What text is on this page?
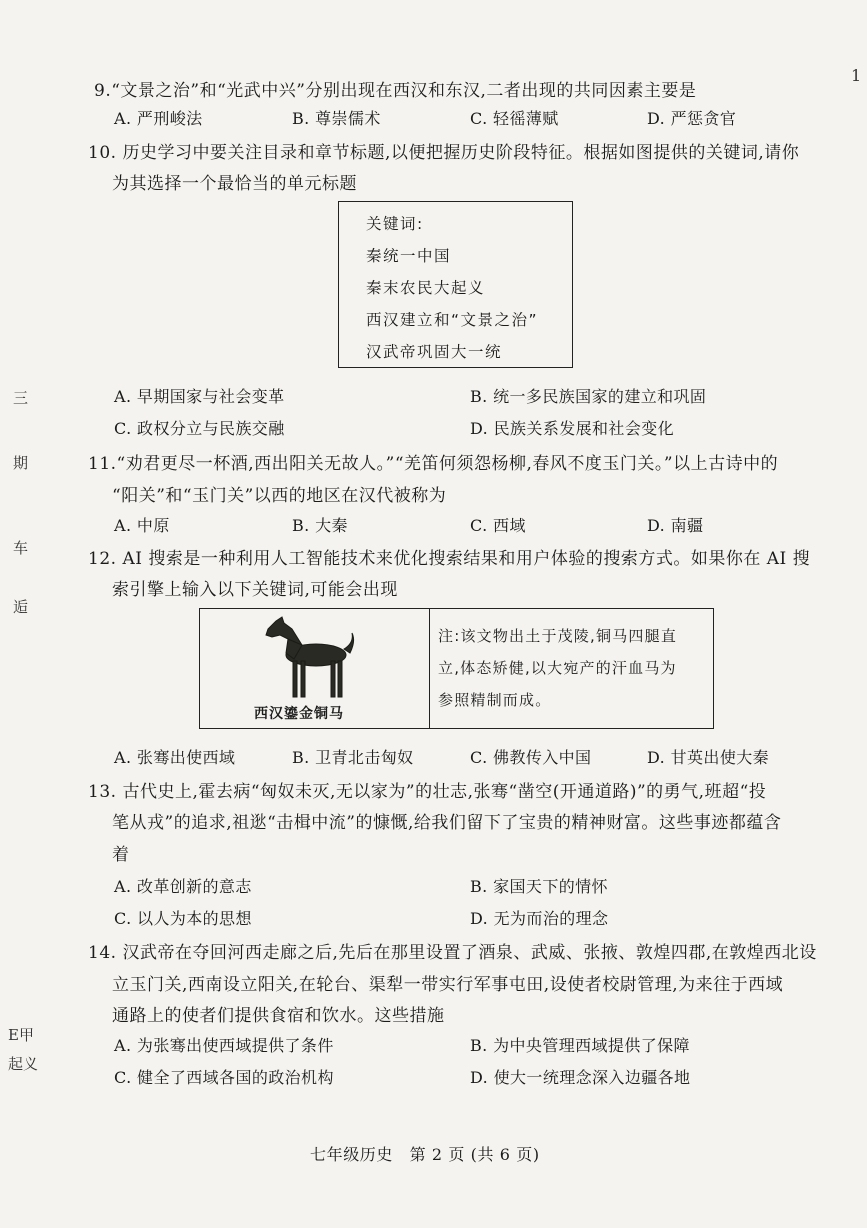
1
三
期
车
逅
E甲
起义
9.“文景之治”和“光武中兴”分别出现在西汉和东汉,二者出现的共同因素主要是
A. 严刑峻法	B. 尊崇儒术	C. 轻徭薄赋	D. 严惩贪官
10. 历史学习中要关注目录和章节标题,以便把握历史阶段特征。根据如图提供的关键词,请你
为其选择一个最恰当的单元标题
关键词:
秦统一中国
秦末农民大起义
西汉建立和“文景之治”
汉武帝巩固大一统
A. 早期国家与社会变革	B. 统一多民族国家的建立和巩固
C. 政权分立与民族交融	D. 民族关系发展和社会变化
11.“劝君更尽一杯酒,西出阳关无故人。”“羌笛何须怨杨柳,春风不度玉门关。”以上古诗中的
“阳关”和“玉门关”以西的地区在汉代被称为
A. 中原	B. 大秦	C. 西域	D. 南疆
12. AI 搜索是一种利用人工智能技术来优化搜索结果和用户体验的搜索方式。如果你在 AI 搜
索引擎上输入以下关键词,可能会出现
西汉鎏金铜马
注:该文物出土于茂陵,铜马四腿直
立,体态矫健,以大宛产的汗血马为
参照精制而成。
A. 张骞出使西域	B. 卫青北击匈奴	C. 佛教传入中国	D. 甘英出使大秦
13. 古代史上,霍去病“匈奴未灭,无以家为”的壮志,张骞“凿空(开通道路)”的勇气,班超“投
笔从戎”的追求,祖逖“击楫中流”的慷慨,给我们留下了宝贵的精神财富。这些事迹都蕴含
着
A. 改革创新的意志	B. 家国天下的情怀
C. 以人为本的思想	D. 无为而治的理念
14. 汉武帝在夺回河西走廊之后,先后在那里设置了酒泉、武威、张掖、敦煌四郡,在敦煌西北设
立玉门关,西南设立阳关,在轮台、渠犁一带实行军事屯田,设使者校尉管理,为来往于西域
通路上的使者们提供食宿和饮水。这些措施
A. 为张骞出使西域提供了条件	B. 为中央管理西域提供了保障
C. 健全了西域各国的政治机构	D. 使大一统理念深入边疆各地
七年级历史　第 2 页 (共 6 页)
